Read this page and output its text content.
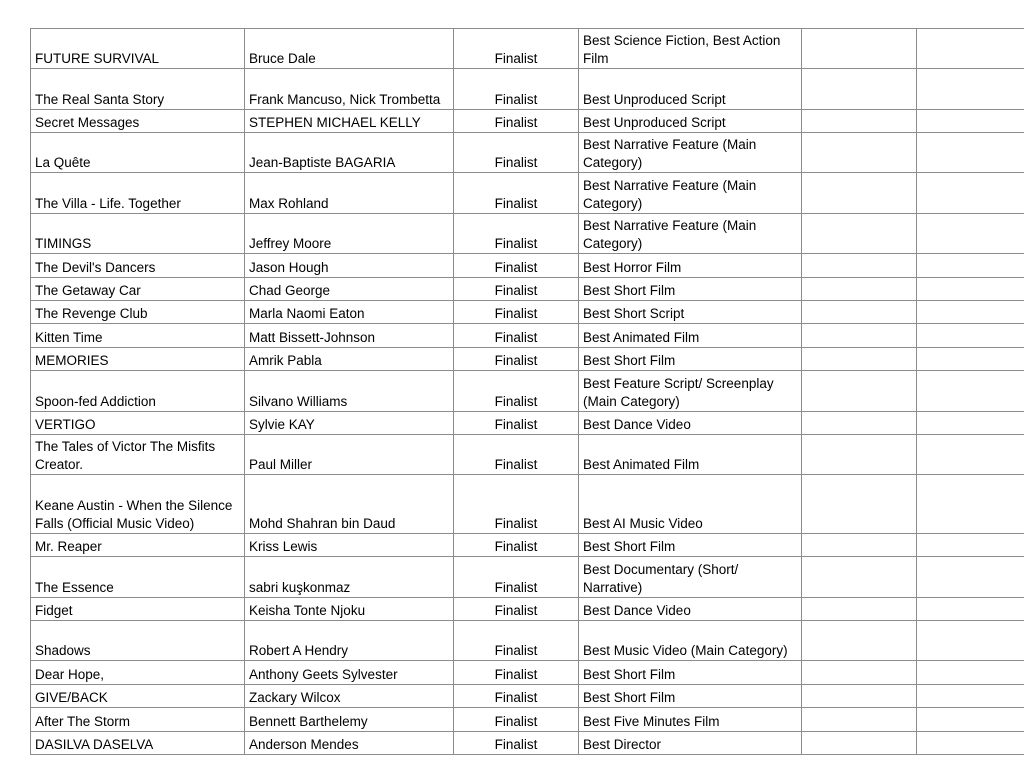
FUTURE SURVIVAL	Bruce Dale	Finalist	Best Science Fiction, Best Action Film		
The Real Santa Story	Frank Mancuso, Nick Trombetta	Finalist	Best Unproduced Script		
Secret Messages	STEPHEN MICHAEL KELLY	Finalist	Best Unproduced Script		
La Quête	Jean-Baptiste BAGARIA	Finalist	Best Narrative Feature (Main Category)		
The Villa - Life. Together	Max Rohland	Finalist	Best Narrative Feature (Main Category)		
TIMINGS	Jeffrey Moore	Finalist	Best Narrative Feature (Main Category)		
The Devil's Dancers	Jason Hough	Finalist	Best Horror Film		
The Getaway Car	Chad George	Finalist	Best Short Film		
The Revenge Club	Marla Naomi Eaton	Finalist	Best Short Script		
Kitten Time	Matt Bissett-Johnson	Finalist	Best Animated Film		
MEMORIES	Amrik Pabla	Finalist	Best Short Film		
Spoon-fed Addiction	Silvano Williams	Finalist	Best Feature Script/ Screenplay (Main Category)		
VERTIGO	Sylvie KAY	Finalist	Best Dance Video		
The Tales of Victor The Misfits Creator.	Paul Miller	Finalist	Best Animated Film		
Keane Austin - When the Silence Falls (Official Music Video)	Mohd Shahran bin Daud	Finalist	Best AI Music Video		
Mr. Reaper	Kriss Lewis	Finalist	Best Short Film		
The Essence	sabri kuşkonmaz	Finalist	Best Documentary (Short/ Narrative)		
Fidget	Keisha Tonte Njoku	Finalist	Best Dance Video		
Shadows	Robert A Hendry	Finalist	Best Music Video (Main Category)		
Dear Hope,	Anthony Geets Sylvester	Finalist	Best Short Film		
GIVE/BACK	Zackary Wilcox	Finalist	Best Short Film		
After The Storm	Bennett Barthelemy	Finalist	Best Five Minutes Film		
DASILVA DASELVA	Anderson Mendes	Finalist	Best Director		
